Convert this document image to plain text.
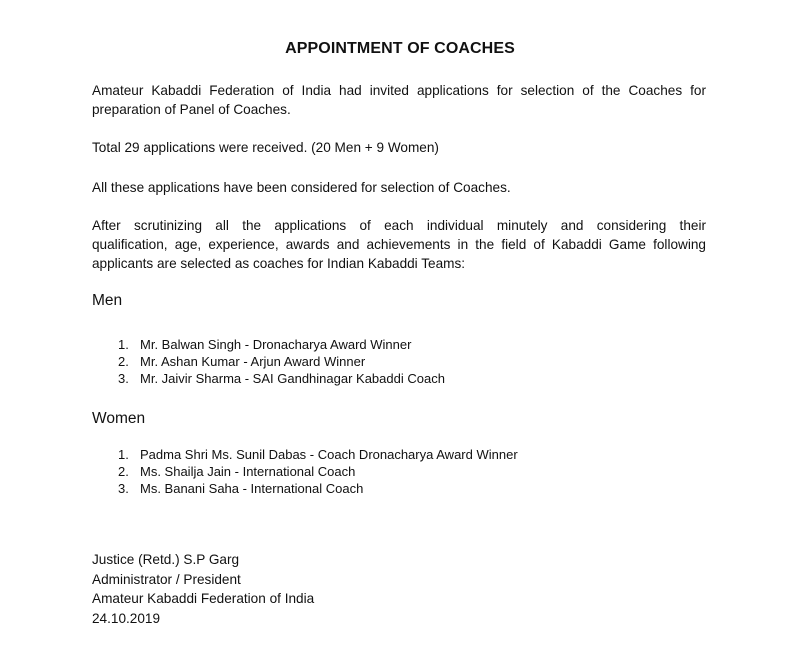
APPOINTMENT OF COACHES
Amateur Kabaddi Federation of India had invited applications for selection of the Coaches for
preparation of Panel of Coaches.
Total 29 applications were received. (20 Men + 9 Women)
All these applications have been considered for selection of Coaches.
After scrutinizing all the applications of each individual minutely and considering their
qualification, age, experience, awards and achievements in the field of Kabaddi Game following
applicants are selected as coaches for Indian Kabaddi Teams:
Men
1. Mr. Balwan Singh - Dronacharya Award Winner
2. Mr. Ashan Kumar - Arjun Award Winner
3. Mr. Jaivir Sharma - SAI Gandhinagar Kabaddi Coach
Women
1. Padma Shri Ms. Sunil Dabas - Coach Dronacharya Award Winner
2. Ms. Shailja Jain - International Coach
3. Ms. Banani Saha - International Coach
Justice (Retd.) S.P Garg
Administrator / President
Amateur Kabaddi Federation of India
24.10.2019
